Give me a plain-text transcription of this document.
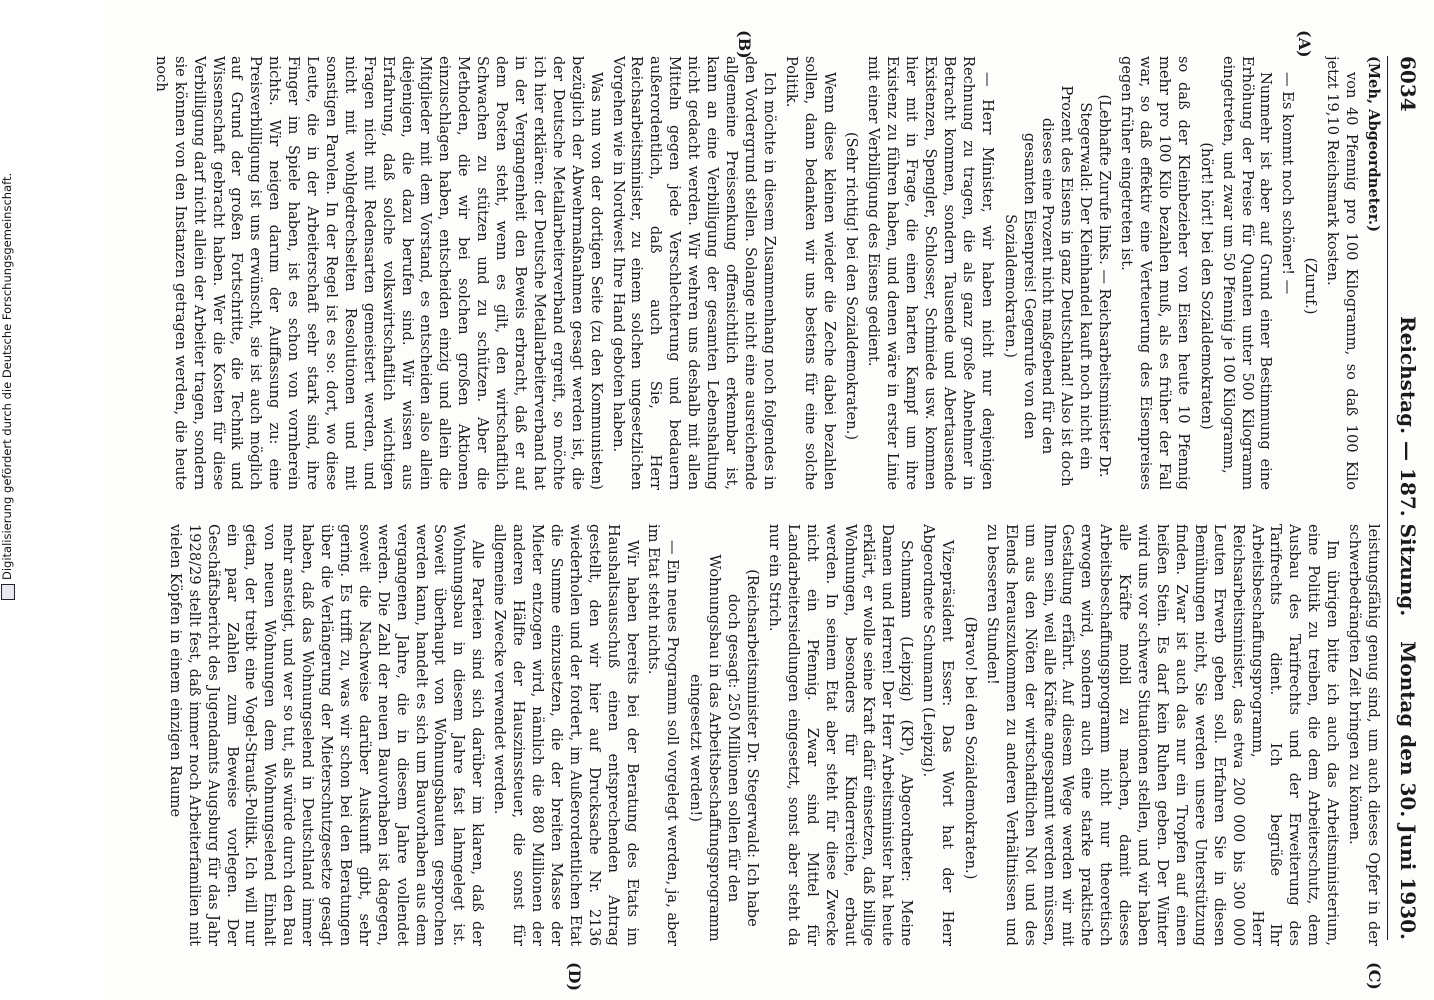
6034
Reichstag. — 187. Sitzung.
Montag den 30. Juni 1930.
(A)
(B)
(C)
(D)

(Meh, Abgeordneter.)

von 40 Pfennig pro 100 Kilogramm, so daß 100 Kilo jetzt 19,10 Reichsmark kosten.

(Zuruf.)

— Es kommt noch schöner! —

Nunmehr ist aber auf Grund einer Bestimmung eine Erhöhung der Preise für Quanten unter 500 Kilogramm eingetreten, und zwar um 50 Pfennig je 100 Kilogramm,

(hört! hört! bei den Sozialdemokraten)

so daß der Kleinbezieher von Eisen heute 10 Pfennig mehr pro 100 Kilo bezahlen muß, als es früher der Fall war, so daß effektiv eine Verteuerung des Eisenpreises gegen früher eingetreten ist.

(Lebhafte Zurufe links. — Reichsarbeitsminister Dr. Stegerwald: Der Kleinhandel kauft noch nicht ein Prozent des Eisens in ganz Deutschland! Also ist doch dieses eine Prozent nicht maßgebend für den gesamten Eisenpreis! Gegenrufe von den Sozialdemokraten.)

— Herr Minister, wir haben nicht nur denjenigen Rechnung zu tragen, die als ganz große Abnehmer in Betracht kommen, sondern Tausende und Abertausende Existenzen, Spengler, Schlosser, Schmiede usw. kommen hier mit in Frage, die einen harten Kampf um ihre Existenz zu führen haben, und denen wäre in erster Linie mit einer Verbilligung des Eisens gedient.

(Sehr richtig! bei den Sozialdemokraten.)

Wenn diese kleinen wieder die Zeche dabei bezahlen sollen, dann bedanken wir uns bestens für eine solche Politik.

Ich möchte in diesem Zusammenhang noch folgendes in den Vordergrund stellen. Solange nicht eine ausreichende allgemeine Preissenkung offensichtlich erkennbar ist, kann an eine Verbilligung der gesamten Lebenshaltung nicht gedacht werden. Wir wehren uns deshalb mit allen Mitteln gegen jede Verschlechterung und bedauern außerordentlich, daß auch Sie, Herr Reichsarbeitsminister, zu einem solchen ungesetzlichen Vorgehen wie in Nordwest Ihre Hand geboten haben.

Was nun von der dortigen Seite (zu den Kommunisten) bezüglich der Abwehrmaßnahmen gesagt werden ist, die der Deutsche Metallarbeiterverband ergreift, so möchte ich hier erklären: der Deutsche Metallarbeiterverband hat in der Vergangenheit den Beweis erbracht, daß er auf dem Posten steht, wenn es gilt, den wirtschaftlich Schwachen zu stützen und zu schützen. Aber die Methoden, die wir bei solchen großen Aktionen einzuschlagen haben, entscheiden einzig und allein die Mitglieder mit dem Vorstand, es entscheiden also allein diejenigen, die dazu berufen sind. Wir wissen aus Erfahrung, daß solche volkswirtschaftlich wichtigen Fragen nicht mit Redensarten gemeistert werden, und nicht mit wohlgedrechselten Resolutionen und mit sonstigen Parolen. In der Regel ist es so: dort, wo diese Leute, die in der Arbeiterschaft sehr stark sind, ihre Finger im Spiele haben, ist es schon von vornherein nichts. Wir neigen darum der Auffassung zu: eine Preisverbilligung ist uns erwünscht, sie ist auch möglich auf Grund der großen Fortschritte, die Technik und Wissenschaft gebracht haben. Wer die Kosten für diese Verbilligung darf nicht allein der Arbeiter tragen, sondern sie können von den Instanzen getragen werden, die heute noch

leistungsfähig genug sind, um auch dieses Opfer in der schwerbedrängten Zeit bringen zu können.

Im übrigen bitte ich auch das Arbeitsministerium, eine Politik zu treiben, die dem Arbeiterschutz, dem Ausbau des Tarifrechts und der Erweiterung des Tarifrechts dient. Ich begrüße Ihr Arbeitsbeschaffungsprogramm, Herr Reichsarbeitsminister, das etwa 200 000 bis 300 000 Leuten Erwerb geben soll. Erfahren Sie in diesen Bemühungen nicht, Sie werden unsere Unterstützung finden. Zwar ist auch das nur ein Tropfen auf einen heißen Stein. Es darf kein Ruhen geben. Der Winter wird uns vor schwere Situationen stellen, und wir haben alle Kräfte mobil zu machen, damit dieses Arbeitsbeschaffungsprogramm nicht nur theoretisch erwogen wird, sondern auch eine starke praktische Gestaltung erfährt. Auf diesem Wege werden wir mit Ihnen sein, weil alle Kräfte angespannt werden müssen, um aus den Nöten der wirtschaftlichen Not und des Elends herauszukommen zu anderen Verhältnissen und zu besseren Stunden!

(Bravo! bei den Sozialdemokraten.)

Vizepräsident Esser: Das Wort hat der Herr Abgeordnete Schumann (Leipzig).

Schumann (Leipzig) (KP), Abgeordneter: Meine Damen und Herren! Der Herr Arbeitsminister hat heute erklärt, er wolle seine Kraft dafür einsetzen, daß billige Wohnungen, besonders für Kinderreiche, erbaut werden. In seinem Etat aber steht für diese Zwecke nicht ein Pfennig. Zwar sind Mittel für Landarbeitersiedlungen eingesetzt, sonst aber steht da nur ein Strich.

(Reichsarbeitsminister Dr. Stegerwald: Ich habe doch gesagt: 250 Millionen sollen für den Wohnungsbau in das Arbeitsbeschaffungsprogramm eingesetzt werden!)

— Ein neues Programm soll vorgelegt werden, ja, aber im Etat steht nichts.

Wir haben bereits bei der Beratung des Etats im Haushaltsausschuß einen entsprechenden Antrag gestellt, den wir hier auf Drucksache Nr. 2136 wiederholen und der fordert, im Außerordentlichen Etat die Summe einzusetzen, die der breiten Masse der Mieter entzogen wird, nämlich die 880 Millionen der anderen Hälfte der Hauszinssteuer, die sonst für allgemeine Zwecke verwendet werden.

Alle Parteien sind sich darüber im klaren, daß der Wohnungsbau in diesem Jahre fast lahmgelegt ist. Soweit überhaupt von Wohnungsbauten gesprochen werden kann, handelt es sich um Bauvorhaben aus dem vergangenen Jahre, die in diesem Jahre vollendet werden. Die Zahl der neuen Bauvorhaben ist dagegen, soweit die Nachweise darüber Auskunft gibt, sehr gering. Es trifft zu, was wir schon bei den Beratungen über die Verlängerung der Mieterschutzgesetze gesagt haben, daß das Wohnungselend in Deutschland immer mehr ansteigt, und wer so tut, als würde durch den Bau von neuen Wohnungen dem Wohnungselend Einhalt getan, der treibt eine Vogel-Strauß-Politik. Ich will nur ein paar Zahlen zum Beweise vorlegen. Der Geschäftsbericht des Jugendamts Augsburg für das Jahr 1928/29 stellt fest, daß immer noch Arbeiterfamilien mit vielen Köpfen in einem einzigen Raume

Digitalisierung gefördert durch die Deutsche Forschungsgemeinschaft.
